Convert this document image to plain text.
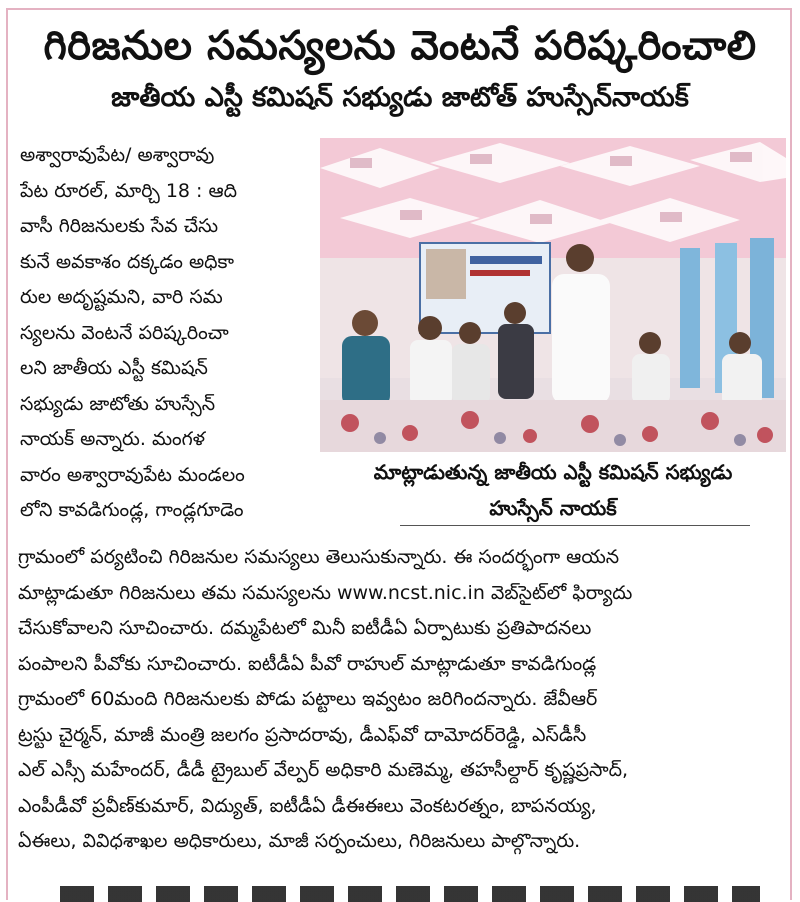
గిరిజనుల సమస్యలను వెంటనే పరిష్కరించాలి
జాతీయ ఎస్టీ కమిషన్ సభ్యుడు జాటోత్ హుస్సేన్‌నాయక్
అశ్వారావుపేట/ అశ్వారావు
పేట రూరల్, మార్చి 18 : ఆది
వాసీ గిరిజనులకు సేవ చేసు
కునే అవకాశం దక్కడం అధికా
రుల అదృష్టమని, వారి సమ
స్యలను వెంటనే పరిష్కరించా
లని జాతీయ ఎస్టీ కమిషన్
సభ్యుడు జాటోతు హుస్సేన్
నాయక్ అన్నారు. మంగళ
వారం అశ్వారావుపేట మండలం
లోని కావడిగుండ్ల, గాండ్లగూడెం
మాట్లాడుతున్న జాతీయ ఎస్టీ కమిషన్ సభ్యుడు
హుస్సేన్ నాయక్
గ్రామంలో పర్యటించి గిరిజనుల సమస్యలు తెలుసుకున్నారు. ఈ సందర్భంగా ఆయన
మాట్లాడుతూ గిరిజనులు తమ సమస్యలను www.ncst.nic.in వెబ్‌సైట్‌లో ఫిర్యాదు
చేసుకోవాలని సూచించారు. దమ్మపేటలో మినీ ఐటీడీఏ ఏర్పాటుకు ప్రతిపాదనలు
పంపాలని పీవోకు సూచించారు. ఐటీడీఏ పీవో రాహుల్ మాట్లాడుతూ కావడిగుండ్ల
గ్రామంలో 60మంది గిరిజనులకు పోడు పట్టాలు ఇవ్వటం జరిగిందన్నారు. జేవీఆర్
ట్రస్టు చైర్మన్, మాజీ మంత్రి జలగం ప్రసాదరావు, డీఎఫ్‌వో దామోదర్‌రెడ్డి, ఎస్‌డీసీ
ఎల్ ఎస్సీ మహేందర్, డీడీ ట్రైబుల్ వేల్పర్ అధికారి మణెమ్మ, తహసీల్దార్ కృష్ణప్రసాద్,
ఎంపీడీవో ప్రవీణ్‌కుమార్, విద్యుత్, ఐటీడీఏ డీఈఈలు వెంకటరత్నం, బాపనయ్య,
ఏఈలు, వివిధశాఖల అధికారులు, మాజీ సర్పంచులు, గిరిజనులు పాల్గొన్నారు.
